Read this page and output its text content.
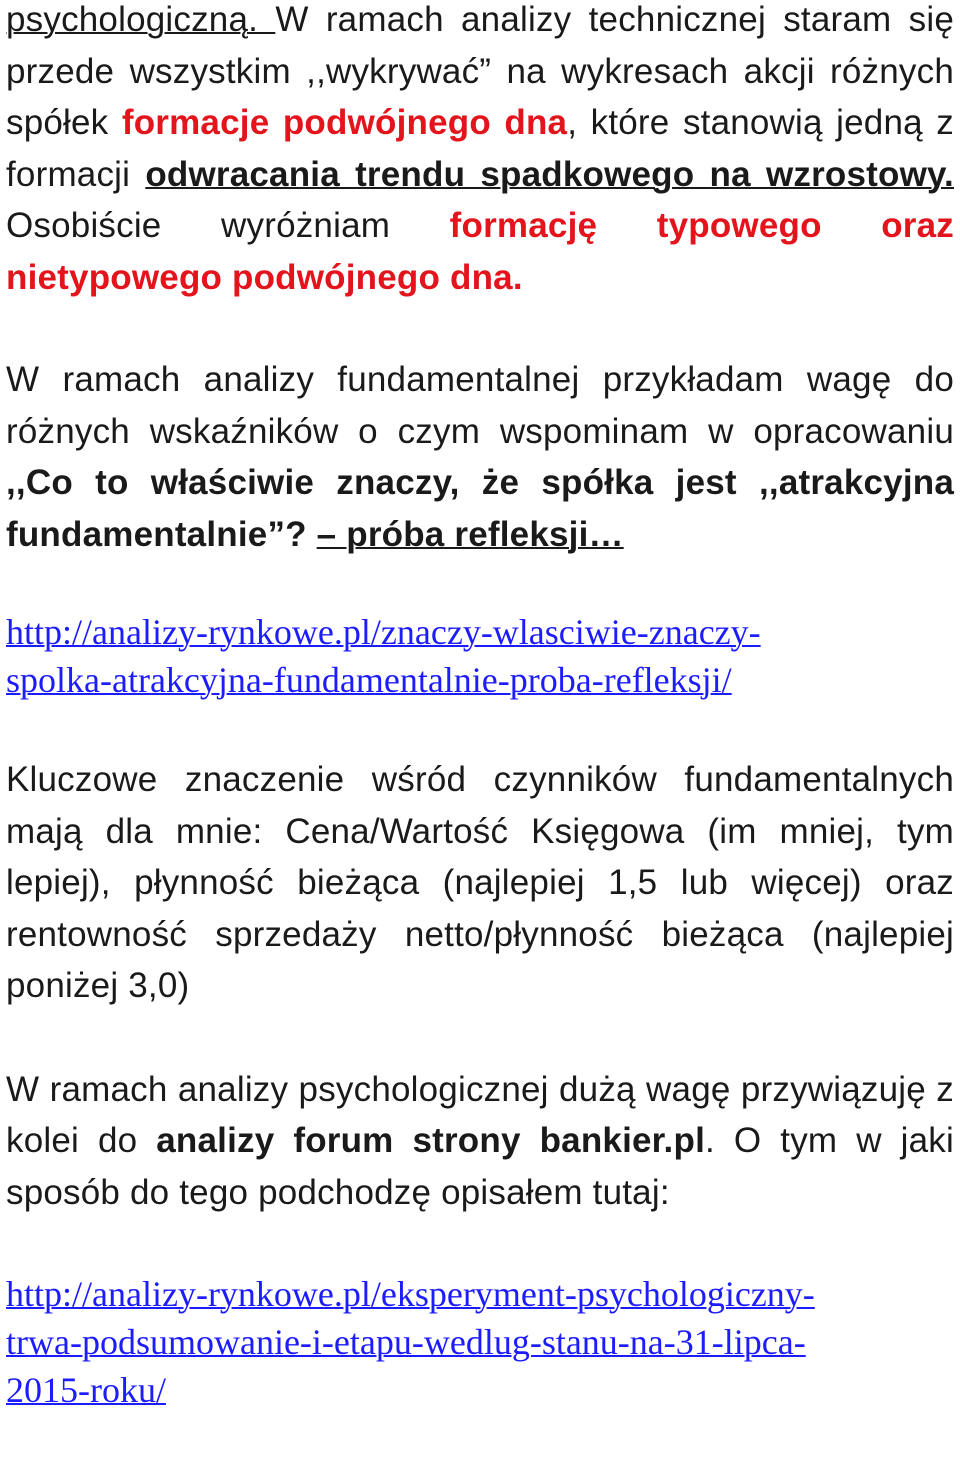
psychologiczną. W ramach analizy technicznej staram się przede wszystkim ,,wykrywać” na wykresach akcji różnych spółek formacje podwójnego dna, które stanowią jedną z formacji odwracania trendu spadkowego na wzrostowy. Osobiście wyróżniam formację typowego oraz nietypowego podwójnego dna.

W ramach analizy fundamentalnej przykładam wagę do różnych wskaźników o czym wspominam w opracowaniu ,,Co to właściwie znaczy, że spółka jest ,,atrakcyjna fundamentalnie”? – próba refleksji…

http://analizy-rynkowe.pl/znaczy-wlasciwie-znaczy-
spolka-atrakcyjna-fundamentalnie-proba-refleksji/

Kluczowe znaczenie wśród czynników fundamentalnych mają dla mnie: Cena/Wartość Księgowa (im mniej, tym lepiej), płynność bieżąca (najlepiej 1,5 lub więcej) oraz rentowność sprzedaży netto/płynność bieżąca (najlepiej poniżej 3,0)

W ramach analizy psychologicznej dużą wagę przywiązuję z kolei do analizy forum strony bankier.pl. O tym w jaki sposób do tego podchodzę opisałem tutaj:

http://analizy-rynkowe.pl/eksperyment-psychologiczny-
trwa-podsumowanie-i-etapu-wedlug-stanu-na-31-lipca-
2015-roku/
